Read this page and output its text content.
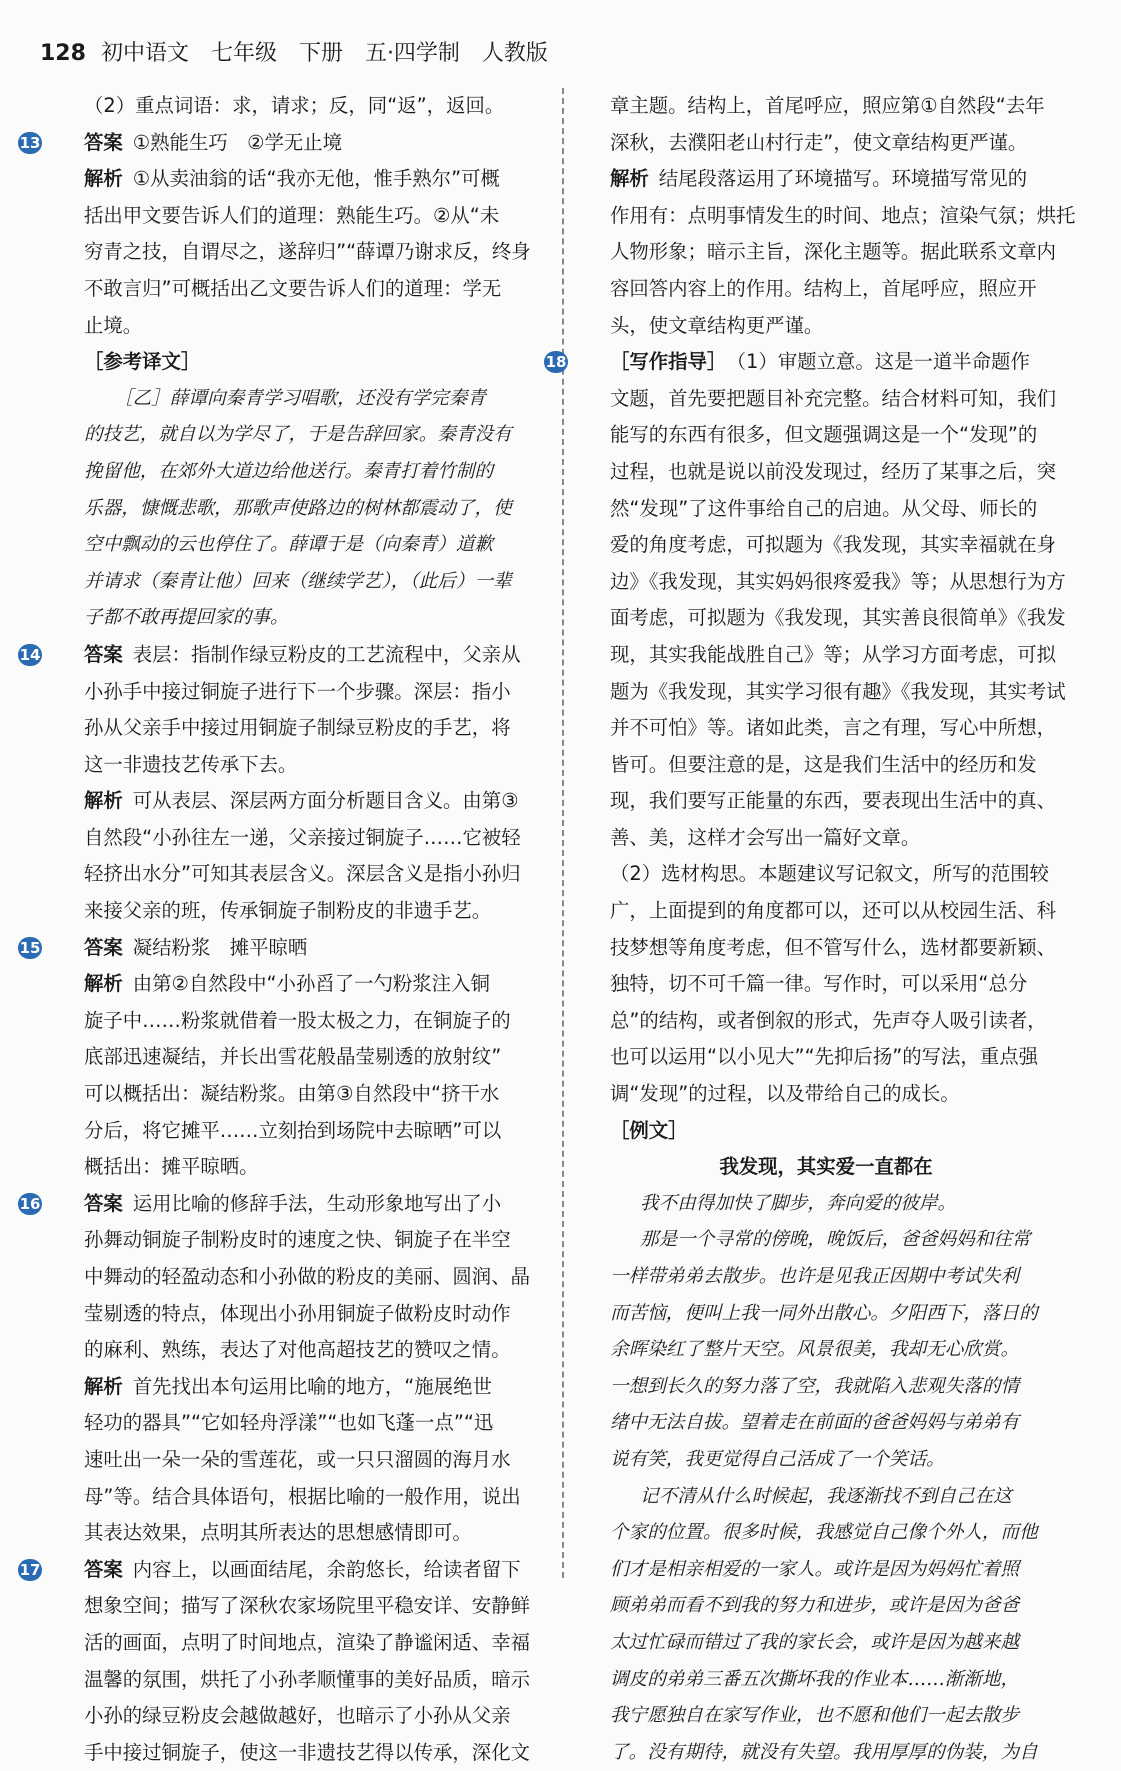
128 初中语文　七年级　下册　五·四学制　人教版
（2）重点词语：求，请求；反，同“返”，返回。
13 答案 ①熟能生巧　②学无止境
解析 ①从卖油翁的话“我亦无他，惟手熟尔”可概
括出甲文要告诉人们的道理：熟能生巧。②从“未
穷青之技，自谓尽之，遂辞归”“薛谭乃谢求反，终身
不敢言归”可概括出乙文要告诉人们的道理：学无
止境。
［参考译文］
［乙］薛谭向秦青学习唱歌，还没有学完秦青
的技艺，就自以为学尽了，于是告辞回家。秦青没有
挽留他，在郊外大道边给他送行。秦青打着竹制的
乐器，慷慨悲歌，那歌声使路边的树林都震动了，使
空中飘动的云也停住了。薛谭于是（向秦青）道歉
并请求（秦青让他）回来（继续学艺），（此后）一辈
子都不敢再提回家的事。
14 答案 表层：指制作绿豆粉皮的工艺流程中，父亲从
小孙手中接过铜旋子进行下一个步骤。深层：指小
孙从父亲手中接过用铜旋子制绿豆粉皮的手艺，将
这一非遗技艺传承下去。
解析 可从表层、深层两方面分析题目含义。由第③
自然段“小孙往左一递，父亲接过铜旋子……它被轻
轻挤出水分”可知其表层含义。深层含义是指小孙归
来接父亲的班，传承铜旋子制粉皮的非遗手艺。
15 答案 凝结粉浆　摊平晾晒
解析 由第②自然段中“小孙舀了一勺粉浆注入铜
旋子中……粉浆就借着一股太极之力，在铜旋子的
底部迅速凝结，并长出雪花般晶莹剔透的放射纹”
可以概括出：凝结粉浆。由第③自然段中“挤干水
分后，将它摊平……立刻抬到场院中去晾晒”可以
概括出：摊平晾晒。
16 答案 运用比喻的修辞手法，生动形象地写出了小
孙舞动铜旋子制粉皮时的速度之快、铜旋子在半空
中舞动的轻盈动态和小孙做的粉皮的美丽、圆润、晶
莹剔透的特点，体现出小孙用铜旋子做粉皮时动作
的麻利、熟练，表达了对他高超技艺的赞叹之情。
解析 首先找出本句运用比喻的地方，“施展绝世
轻功的器具”“它如轻舟浮漾”“也如飞蓬一点”“迅
速吐出一朵一朵的雪莲花，或一只只溜圆的海月水
母”等。结合具体语句，根据比喻的一般作用，说出
其表达效果，点明其所表达的思想感情即可。
17 答案 内容上，以画面结尾，余韵悠长，给读者留下
想象空间；描写了深秋农家场院里平稳安详、安静鲜
活的画面，点明了时间地点，渲染了静谧闲适、幸福
温馨的氛围，烘托了小孙孝顺懂事的美好品质，暗示
小孙的绿豆粉皮会越做越好，也暗示了小孙从父亲
手中接过铜旋子，使这一非遗技艺得以传承，深化文
章主题。结构上，首尾呼应，照应第①自然段“去年
深秋，去濮阳老山村行走”，使文章结构更严谨。
解析 结尾段落运用了环境描写。环境描写常见的
作用有：点明事情发生的时间、地点；渲染气氛；烘托
人物形象；暗示主旨，深化主题等。据此联系文章内
容回答内容上的作用。结构上，首尾呼应，照应开
头，使文章结构更严谨。
18 ［写作指导］ （1）审题立意。这是一道半命题作
文题，首先要把题目补充完整。结合材料可知，我们
能写的东西有很多，但文题强调这是一个“发现”的
过程，也就是说以前没发现过，经历了某事之后，突
然“发现”了这件事给自己的启迪。从父母、师长的
爱的角度考虑，可拟题为《我发现，其实幸福就在身
边》《我发现，其实妈妈很疼爱我》等；从思想行为方
面考虑，可拟题为《我发现，其实善良很简单》《我发
现，其实我能战胜自己》等；从学习方面考虑，可拟
题为《我发现，其实学习很有趣》《我发现，其实考试
并不可怕》等。诸如此类，言之有理，写心中所想，
皆可。但要注意的是，这是我们生活中的经历和发
现，我们要写正能量的东西，要表现出生活中的真、
善、美，这样才会写出一篇好文章。
（2）选材构思。本题建议写记叙文，所写的范围较
广，上面提到的角度都可以，还可以从校园生活、科
技梦想等角度考虑，但不管写什么，选材都要新颖、
独特，切不可千篇一律。写作时，可以采用“总分
总”的结构，或者倒叙的形式，先声夺人吸引读者，
也可以运用“以小见大”“先抑后扬”的写法，重点强
调“发现”的过程，以及带给自己的成长。
［例文］
我发现，其实爱一直都在
我不由得加快了脚步，奔向爱的彼岸。
那是一个寻常的傍晚，晚饭后，爸爸妈妈和往常
一样带弟弟去散步。也许是见我正因期中考试失利
而苦恼，便叫上我一同外出散心。夕阳西下，落日的
余晖染红了整片天空。风景很美，我却无心欣赏。
一想到长久的努力落了空，我就陷入悲观失落的情
绪中无法自拔。望着走在前面的爸爸妈妈与弟弟有
说有笑，我更觉得自己活成了一个笑话。
记不清从什么时候起，我逐渐找不到自己在这
个家的位置。很多时候，我感觉自己像个外人，而他
们才是相亲相爱的一家人。或许是因为妈妈忙着照
顾弟弟而看不到我的努力和进步，或许是因为爸爸
太过忙碌而错过了我的家长会，或许是因为越来越
调皮的弟弟三番五次撕坏我的作业本……渐渐地，
我宁愿独自在家写作业，也不愿和他们一起去散步
了。没有期待，就没有失望。我用厚厚的伪装，为自
